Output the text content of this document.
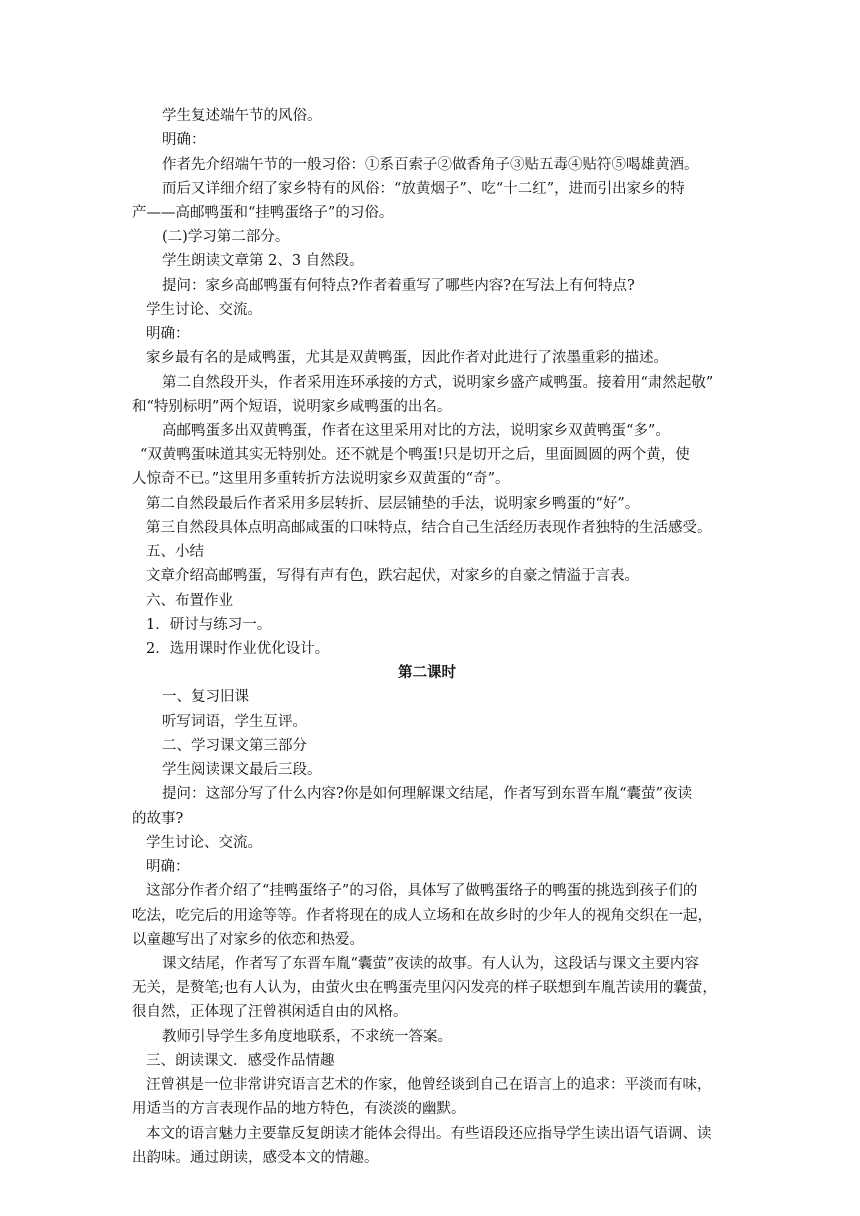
学生复述端午节的风俗。
明确：
作者先介绍端午节的一般习俗：①系百索子②做香角子③贴五毒④贴符⑤喝雄黄酒。
而后又详细介绍了家乡特有的风俗：“放黄烟子”、吃“十二红”，进而引出家乡的特
产——高邮鸭蛋和“挂鸭蛋络子”的习俗。
(二)学习第二部分。
学生朗读文章第 2、3 自然段。
提问：家乡高邮鸭蛋有何特点?作者着重写了哪些内容?在写法上有何特点?
学生讨论、交流。
明确：
家乡最有名的是咸鸭蛋，尤其是双黄鸭蛋，因此作者对此进行了浓墨重彩的描述。
第二自然段开头，作者采用连环承接的方式，说明家乡盛产咸鸭蛋。接着用“肃然起敬”
和“特别标明”两个短语，说明家乡咸鸭蛋的出名。
高邮鸭蛋多出双黄鸭蛋，作者在这里采用对比的方法，说明家乡双黄鸭蛋“多”。
“双黄鸭蛋味道其实无特别处。还不就是个鸭蛋!只是切开之后，里面圆圆的两个黄，使
人惊奇不已。”这里用多重转折方法说明家乡双黄蛋的“奇”。
第二自然段最后作者采用多层转折、层层铺垫的手法，说明家乡鸭蛋的“好”。
第三自然段具体点明高邮咸蛋的口味特点，结合自己生活经历表现作者独特的生活感受。
五、小结
文章介绍高邮鸭蛋，写得有声有色，跌宕起伏，对家乡的自豪之情溢于言表。
六、布置作业
1．研讨与练习一。
2．选用课时作业优化设计。
第二课时
一、复习旧课
听写词语，学生互评。
二、学习课文第三部分
学生阅读课文最后三段。
提问：这部分写了什么内容?你是如何理解课文结尾，作者写到东晋车胤“囊萤”夜读
的故事?
学生讨论、交流。
明确：
这部分作者介绍了“挂鸭蛋络子”的习俗，具体写了做鸭蛋络子的鸭蛋的挑选到孩子们的
吃法，吃完后的用途等等。作者将现在的成人立场和在故乡时的少年人的视角交织在一起，
以童趣写出了对家乡的依恋和热爱。
课文结尾，作者写了东晋车胤“囊萤”夜读的故事。有人认为，这段话与课文主要内容
无关，是赘笔;也有人认为，由萤火虫在鸭蛋壳里闪闪发亮的样子联想到车胤苦读用的囊萤，
很自然，正体现了汪曾祺闲适自由的风格。
教师引导学生多角度地联系，不求统一答案。
三、朗读课文．感受作品情趣
汪曾祺是一位非常讲究语言艺术的作家，他曾经谈到自己在语言上的追求：平淡而有味，
用适当的方言表现作品的地方特色，有淡淡的幽默。
本文的语言魅力主要靠反复朗读才能体会得出。有些语段还应指导学生读出语气语调、读
出韵味。通过朗读，感受本文的情趣。
